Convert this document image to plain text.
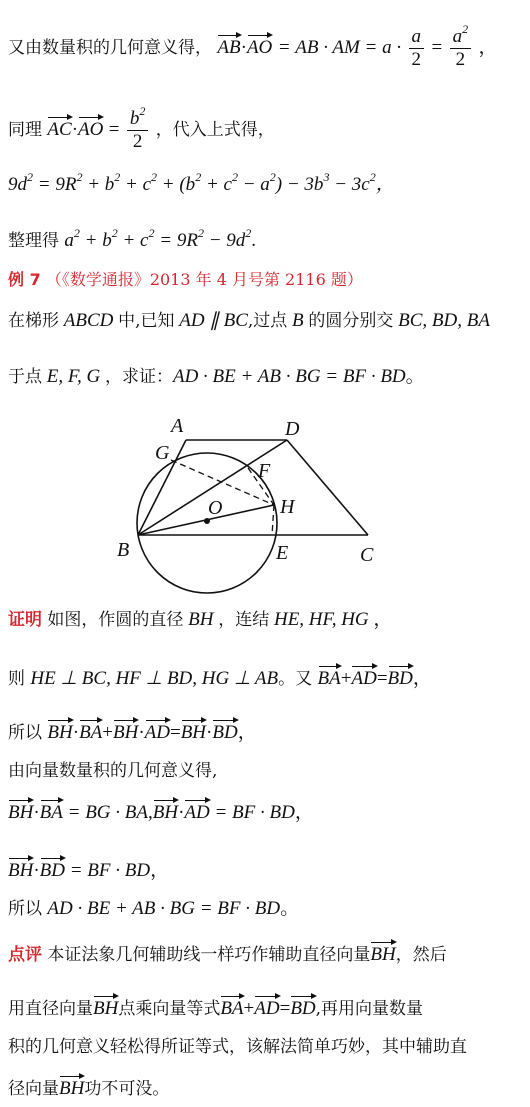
又由数量积的几何意义得， AB·AO = AB · AM = $a \cdot \frac{a}{2} = \frac{a^2}{2}$ ，
同理 $AC\cdot AO = \frac{b^2}{2}$ ，代入上式得，
$9d^2 = 9R^2 + b^2 + c^2 + (b^2 + c^2 - a^2) - 3b^3 - 3c^2$，
整理得 $a^2 + b^2 + c^2 = 9R^2 - 9d^2$.
例 7 （《数学通报》2013 年 4 月号第 2116 题）
在梯形 ABCD 中,已知 AD ∥ BC,过点 B 的圆分别交 BC, BD, BA
于点 E, F, G ，求证：AD · BE + AB · BG = BF · BD。
A	D
G
F
H
O
B	E	C
证明 如图，作圆的直径 BH ，连结 HE, HF, HG ，
则 HE ⊥ BC, HF ⊥ BD, HG ⊥ AB。又 BA+AD=BD，
所以 BH·BA+BH·AD=BH·BD，
由向量数量积的几何意义得,
BH·BA = BG · BA,BH·AD = BF · BD，
BH·BD = BF · BD，
所以 AD · BE + AB · BG = BF · BD。
点评 本证法象几何辅助线一样巧作辅助直径向量BH，然后
用直径向量BH点乘向量等式BA+AD=BD,再用向量数量
积的几何意义轻松得所证等式，该解法简单巧妙，其中辅助直
径向量BH功不可没。
